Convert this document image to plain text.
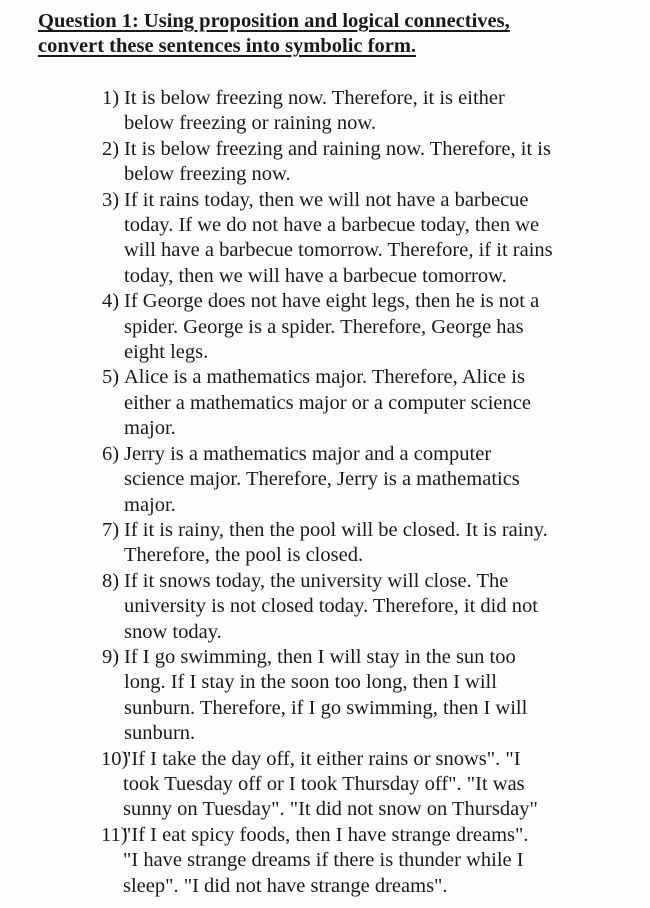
Question 1: Using proposition and logical connectives,
convert these sentences into symbolic form.
1) It is below freezing now. Therefore, it is either
below freezing or raining now.
2) It is below freezing and raining now. Therefore, it is
below freezing now.
3) If it rains today, then we will not have a barbecue
today. If we do not have a barbecue today, then we
will have a barbecue tomorrow. Therefore, if it rains
today, then we will have a barbecue tomorrow.
4) If George does not have eight legs, then he is not a
spider. George is a spider. Therefore, George has
eight legs.
5) Alice is a mathematics major. Therefore, Alice is
either a mathematics major or a computer science
major.
6) Jerry is a mathematics major and a computer
science major. Therefore, Jerry is a mathematics
major.
7) If it is rainy, then the pool will be closed. It is rainy.
Therefore, the pool is closed.
8) If it snows today, the university will close. The
university is not closed today. Therefore, it did not
snow today.
9) If I go swimming, then I will stay in the sun too
long. If I stay in the soon too long, then I will
sunburn. Therefore, if I go swimming, then I will
sunburn.
10)
"If I take the day off, it either rains or snows". "I
took Tuesday off or I took Thursday off". "It was
sunny on Tuesday". "It did not snow on Thursday"
11)
"If I eat spicy foods, then I have strange dreams".
"I have strange dreams if there is thunder while I
sleep". "I did not have strange dreams".
